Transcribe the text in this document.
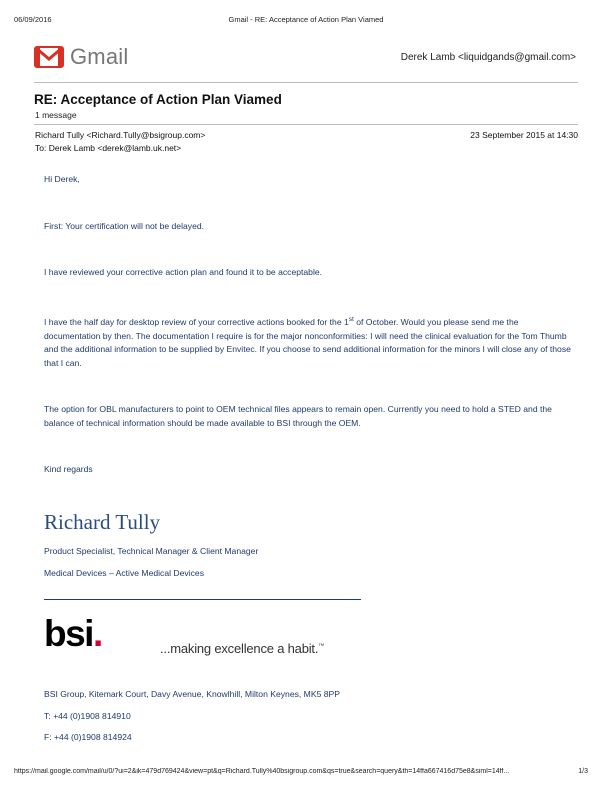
06/09/2016	Gmail - RE: Acceptance of Action Plan Viamed
Gmail	Derek Lamb <liquidgands@gmail.com>
RE: Acceptance of Action Plan Viamed
1 message
Richard Tully <Richard.Tully@bsigroup.com>	23 September 2015 at 14:30
To: Derek Lamb <derek@lamb.uk.net>
Hi Derek,
First: Your certification will not be delayed.
I have reviewed your corrective action plan and found it to be acceptable.
I have the half day for desktop review of your corrective actions booked for the 1st of October. Would you please send me the documentation by then. The documentation I require is for the major nonconformities: I will need the clinical evaluation for the Tom Thumb and the additional information to be supplied by Envitec. If you choose to send additional information for the minors I will close any of those that I can.
The option for OBL manufacturers to point to OEM technical files appears to remain open. Currently you need to hold a STED and the balance of technical information should be made available to BSI through the OEM.
Kind regards
Richard Tully
Product Specialist, Technical Manager & Client Manager
Medical Devices – Active Medical Devices
bsi.	...making excellence a habit.™
BSI Group, Kitemark Court, Davy Avenue, Knowlhill, Milton Keynes, MK5 8PP
T: +44 (0)1908 814910
F: +44 (0)1908 814924
https://mail.google.com/mail/u/0/?ui=2&ik=479d769424&view=pt&q=Richard.Tully%40bsigroup.com&qs=true&search=query&th=14ffa667416d75e8&siml=14ff...	1/3
